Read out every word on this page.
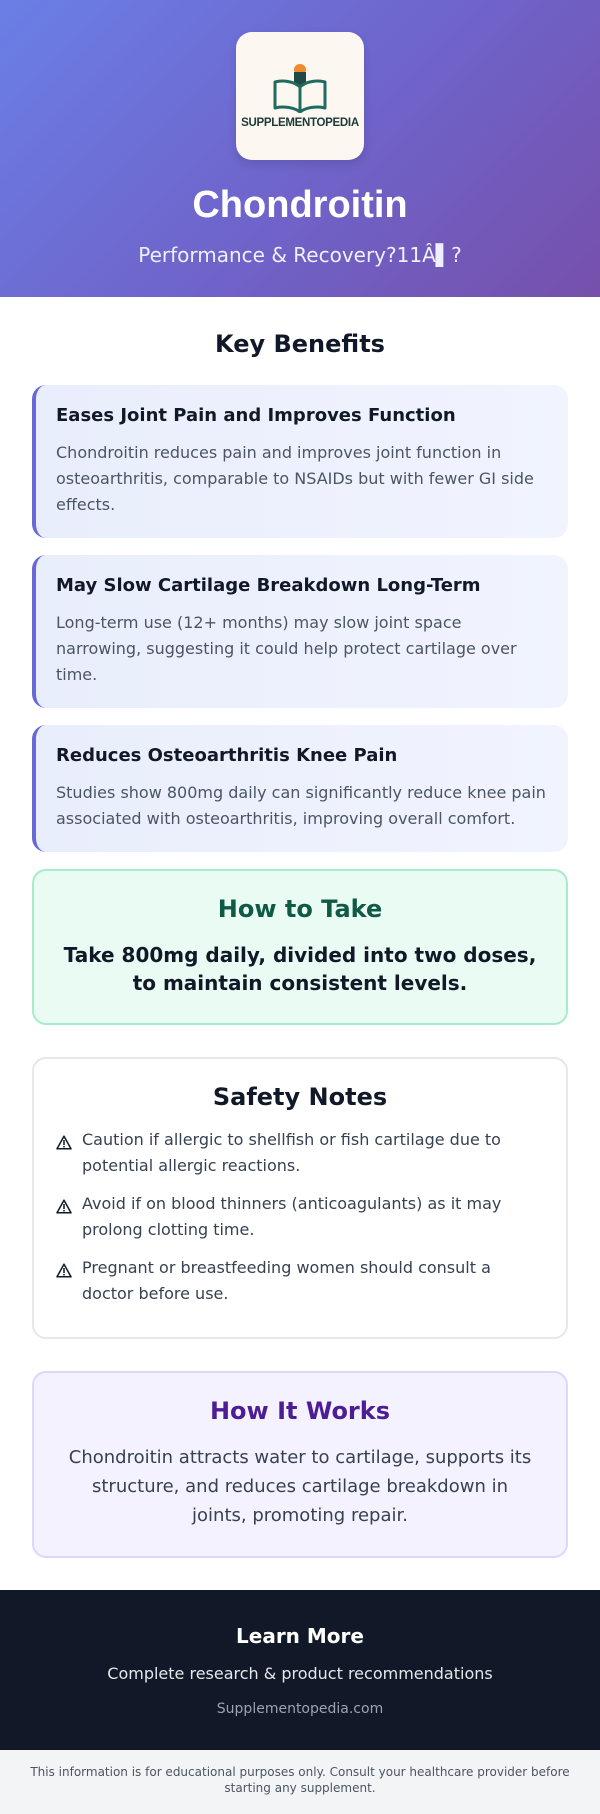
SUPPLEMENTOPEDIA
Chondroitin
Performance & Recovery?11Â▌?
Key Benefits
Eases Joint Pain and Improves Function
Chondroitin reduces pain and improves joint function in osteoarthritis, comparable to NSAIDs but with fewer GI side effects.
May Slow Cartilage Breakdown Long-Term
Long-term use (12+ months) may slow joint space narrowing, suggesting it could help protect cartilage over time.
Reduces Osteoarthritis Knee Pain
Studies show 800mg daily can significantly reduce knee pain associated with osteoarthritis, improving overall comfort.
How to Take
Take 800mg daily, divided into two doses, to maintain consistent levels.
Safety Notes
Caution if allergic to shellfish or fish cartilage due to potential allergic reactions.
Avoid if on blood thinners (anticoagulants) as it may prolong clotting time.
Pregnant or breastfeeding women should consult a doctor before use.
How It Works
Chondroitin attracts water to cartilage, supports its structure, and reduces cartilage breakdown in joints, promoting repair.
Learn More
Complete research & product recommendations
Supplementopedia.com
This information is for educational purposes only. Consult your healthcare provider before starting any supplement.
